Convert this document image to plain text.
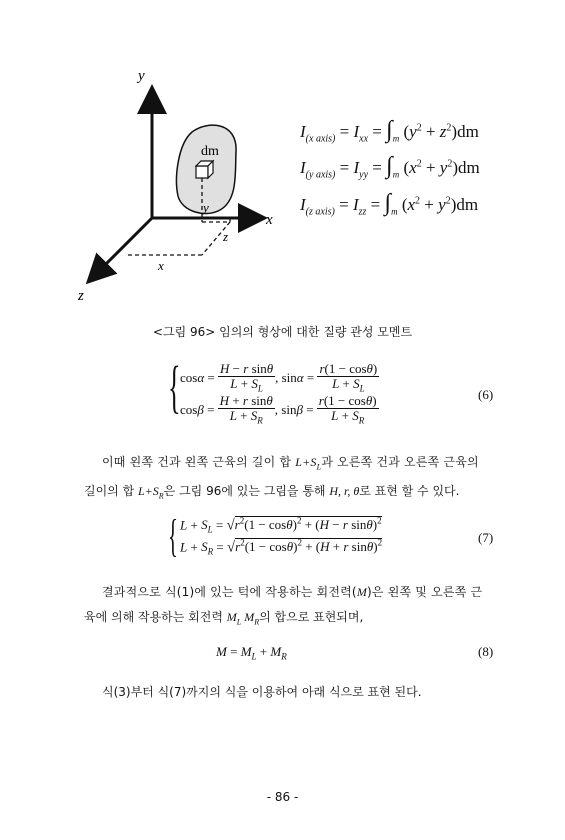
y
x
z
dm
y
z
x
$I_{(x axis)} = I_{xx} = \int_m$ $(y^2 + z^2)dm$
$I_{(y axis)} = I_{yy} = \int_m$ $(x^2 + y^2)dm$
$I_{(z axis)} = I_{zz} = \int_m$ $(x^2 + y^2)dm$
<그림 96> 임의의 형상에 대한 질량 관성 모멘트
{ $\cos\alpha = \frac{\text{H − r sinθ}}{L + S_L}$ , $\sin\alpha = \frac{r(1 - \cos\theta)}{L + S_L}$
$\cos\beta = \frac{\text{H + r sinθ}}{L + S_R}$ , $\sin\beta = \frac{r(1 - \cos\theta)}{L + S_R}$	(6)
이때 왼쪽 건과 왼쪽 근육의 길이 합 $L+S_L$과 오른쪽 건과 오른쪽 근육의
길이의 합 $L+S_R$은 그림 96에 있는 그림을 통해 H, r, θ로 표현 할 수 있다.
{ $L + S_L = √r^2(1 - \cos\theta)^2 + (H - r$ sinθ)$^2$
$L + S_R = √r^2(1 - \cos\theta)^2 + (H + r$ sinθ)$^2$	(7)
결과적으로 식(1)에 있는 턱에 작용하는 회전력(M)은 왼쪽 및 오른쪽 근
육에 의해 작용하는 회전력 $M_L$ $M_R$의 합으로 표현되며,
$M = M_L + M_R$	(8)
식(3)부터 식(7)까지의 식을 이용하여 아래 식으로 표현 된다.
- 86 -
